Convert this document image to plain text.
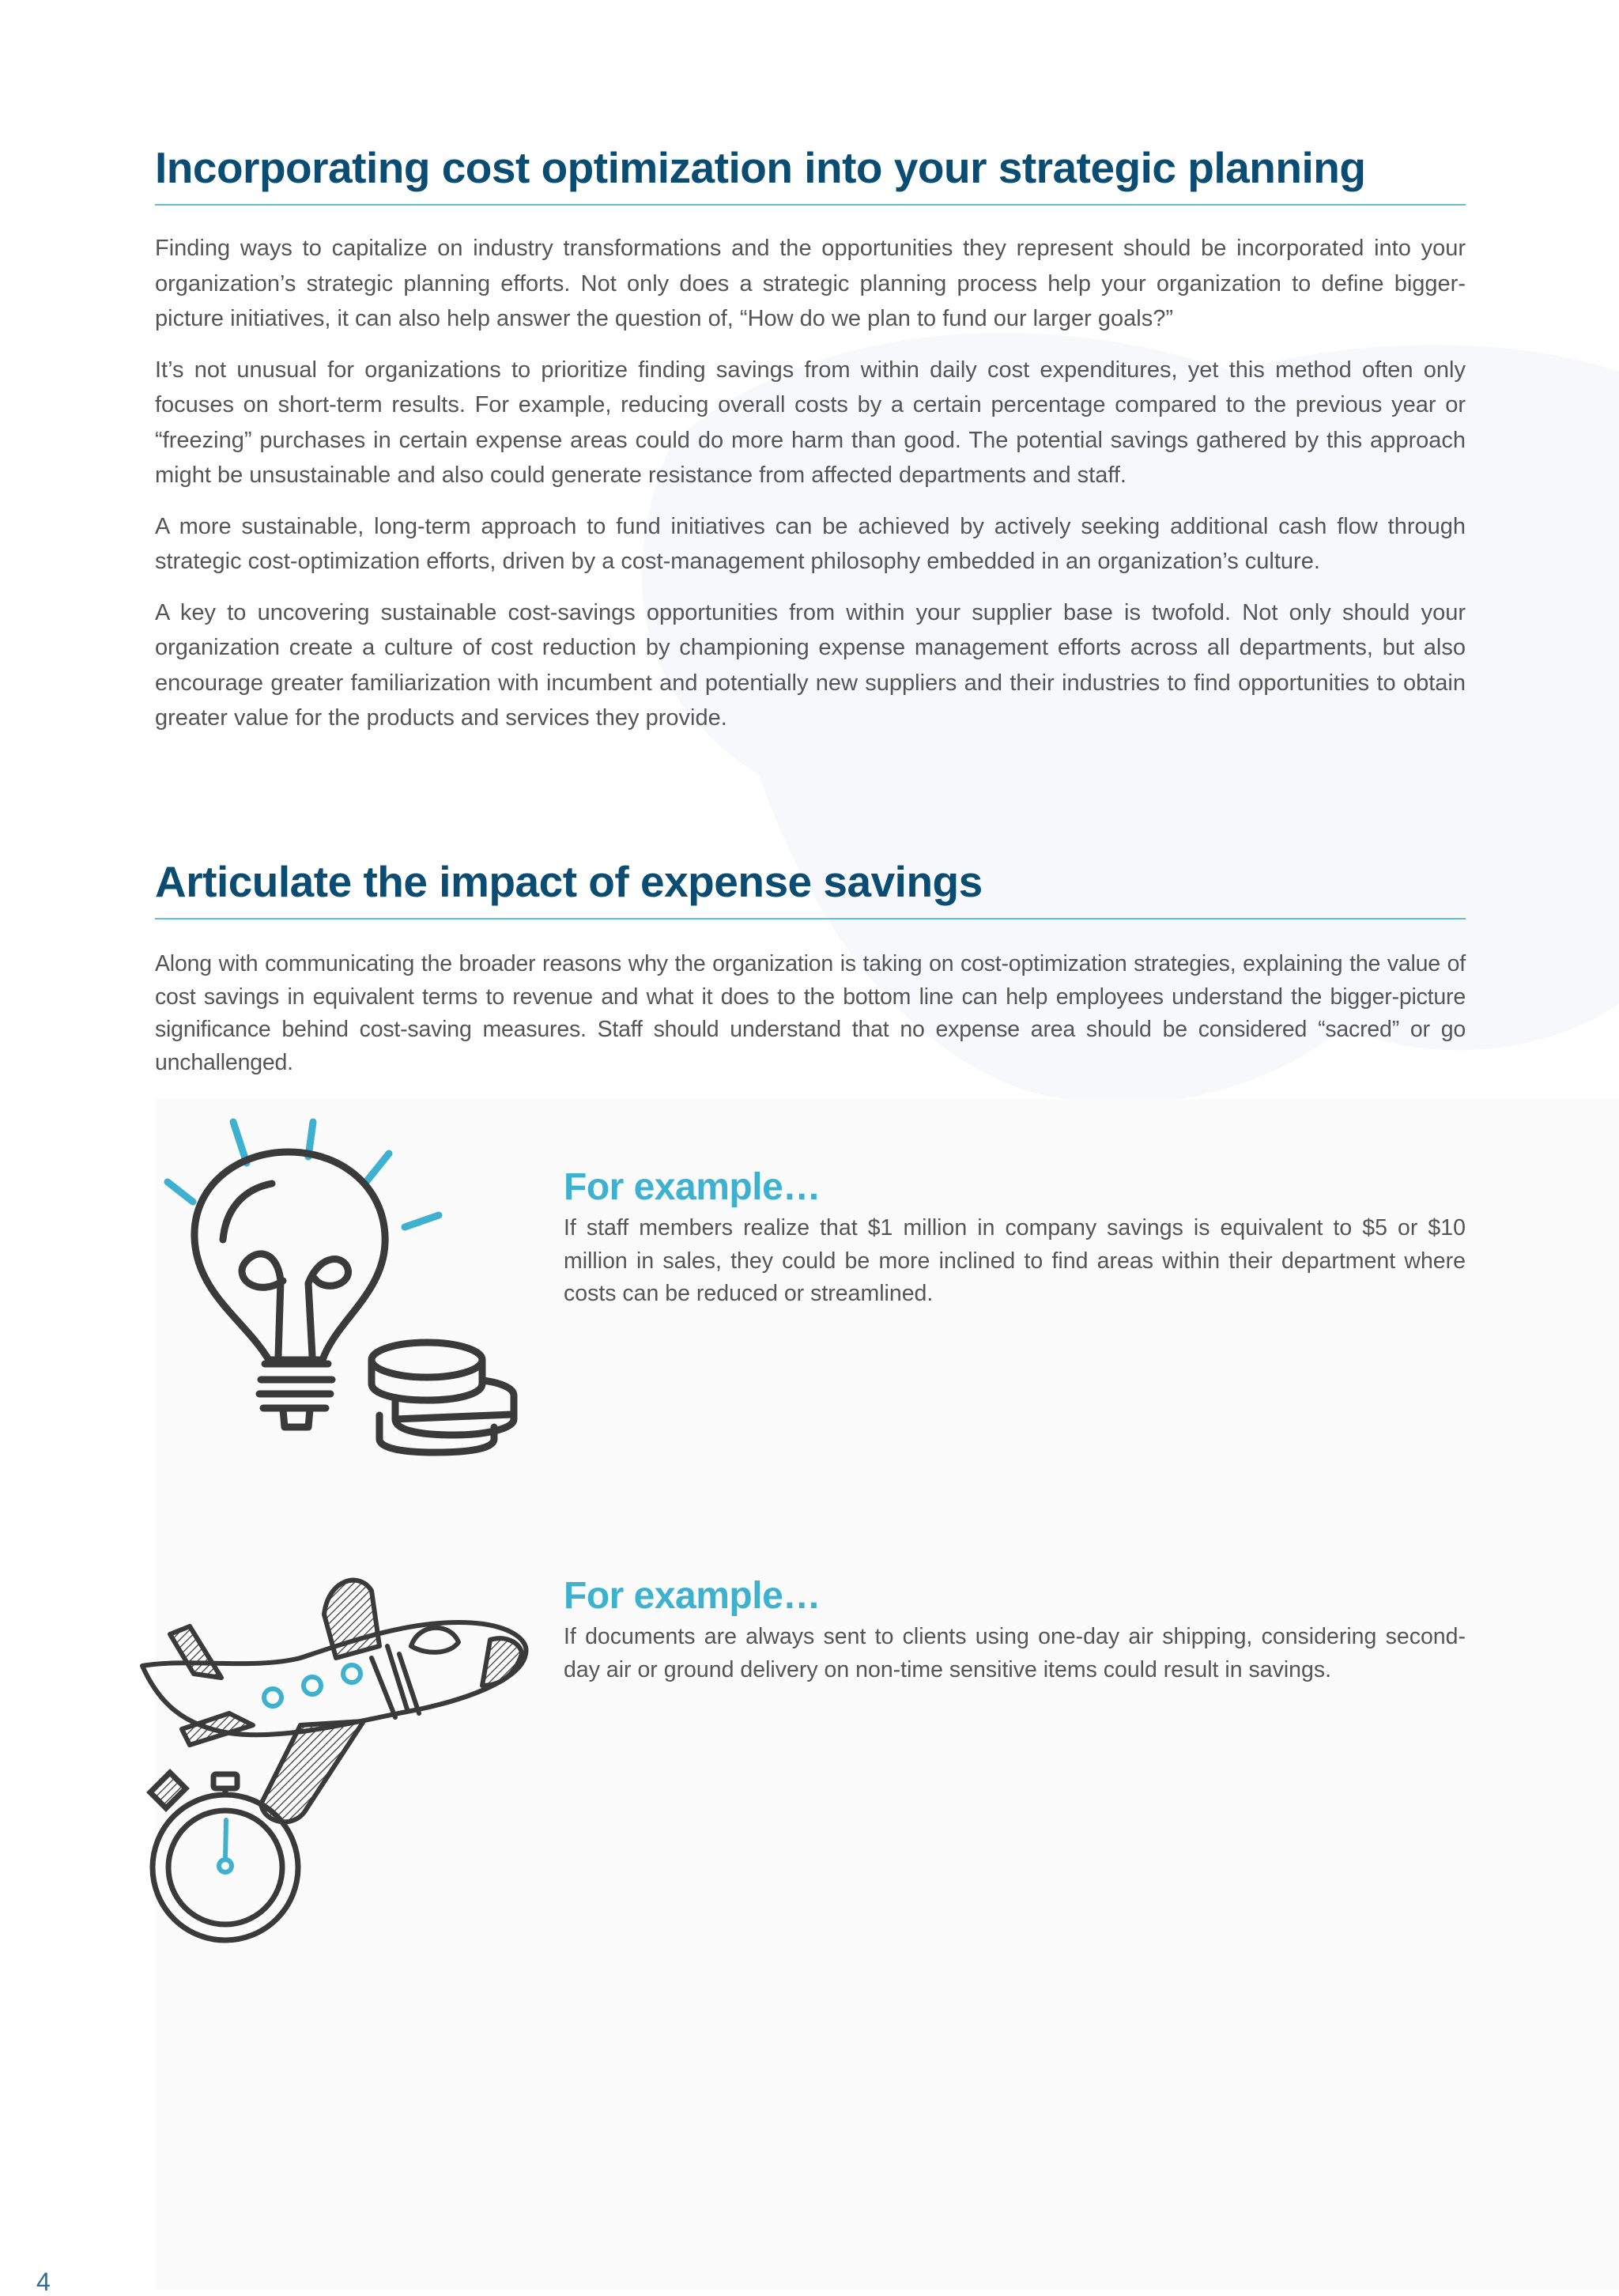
Incorporating cost optimization into your strategic planning

Finding ways to capitalize on industry transformations and the opportunities they represent should be incorporated into your organization’s strategic planning efforts. Not only does a strategic planning process help your organization to define bigger-picture initiatives, it can also help answer the question of, “How do we plan to fund our larger goals?”

It’s not unusual for organizations to prioritize finding savings from within daily cost expenditures, yet this method often only focuses on short-term results. For example, reducing overall costs by a certain percentage compared to the previous year or “freezing” purchases in certain expense areas could do more harm than good. The potential savings gathered by this approach might be unsustainable and also could generate resistance from affected departments and staff.

A more sustainable, long-term approach to fund initiatives can be achieved by actively seeking additional cash flow through strategic cost-optimization efforts, driven by a cost-management philosophy embedded in an organization’s culture.

A key to uncovering sustainable cost-savings opportunities from within your supplier base is twofold. Not only should your organization create a culture of cost reduction by championing expense management efforts across all departments, but also encourage greater familiarization with incumbent and potentially new suppliers and their industries to find opportunities to obtain greater value for the products and services they provide.

Articulate the impact of expense savings

Along with communicating the broader reasons why the organization is taking on cost-optimization strategies, explaining the value of cost savings in equivalent terms to revenue and what it does to the bottom line can help employees understand the bigger-picture significance behind cost-saving measures. Staff should understand that no expense area should be considered “sacred” or go unchallenged.

For example…

If staff members realize that $1 million in company savings is equivalent to $5 or $10 million in sales, they could be more inclined to find areas within their department where costs can be reduced or streamlined.

For example…

If documents are always sent to clients using one-day air shipping, considering second-day air or ground delivery on non-time sensitive items could result in savings.

4
